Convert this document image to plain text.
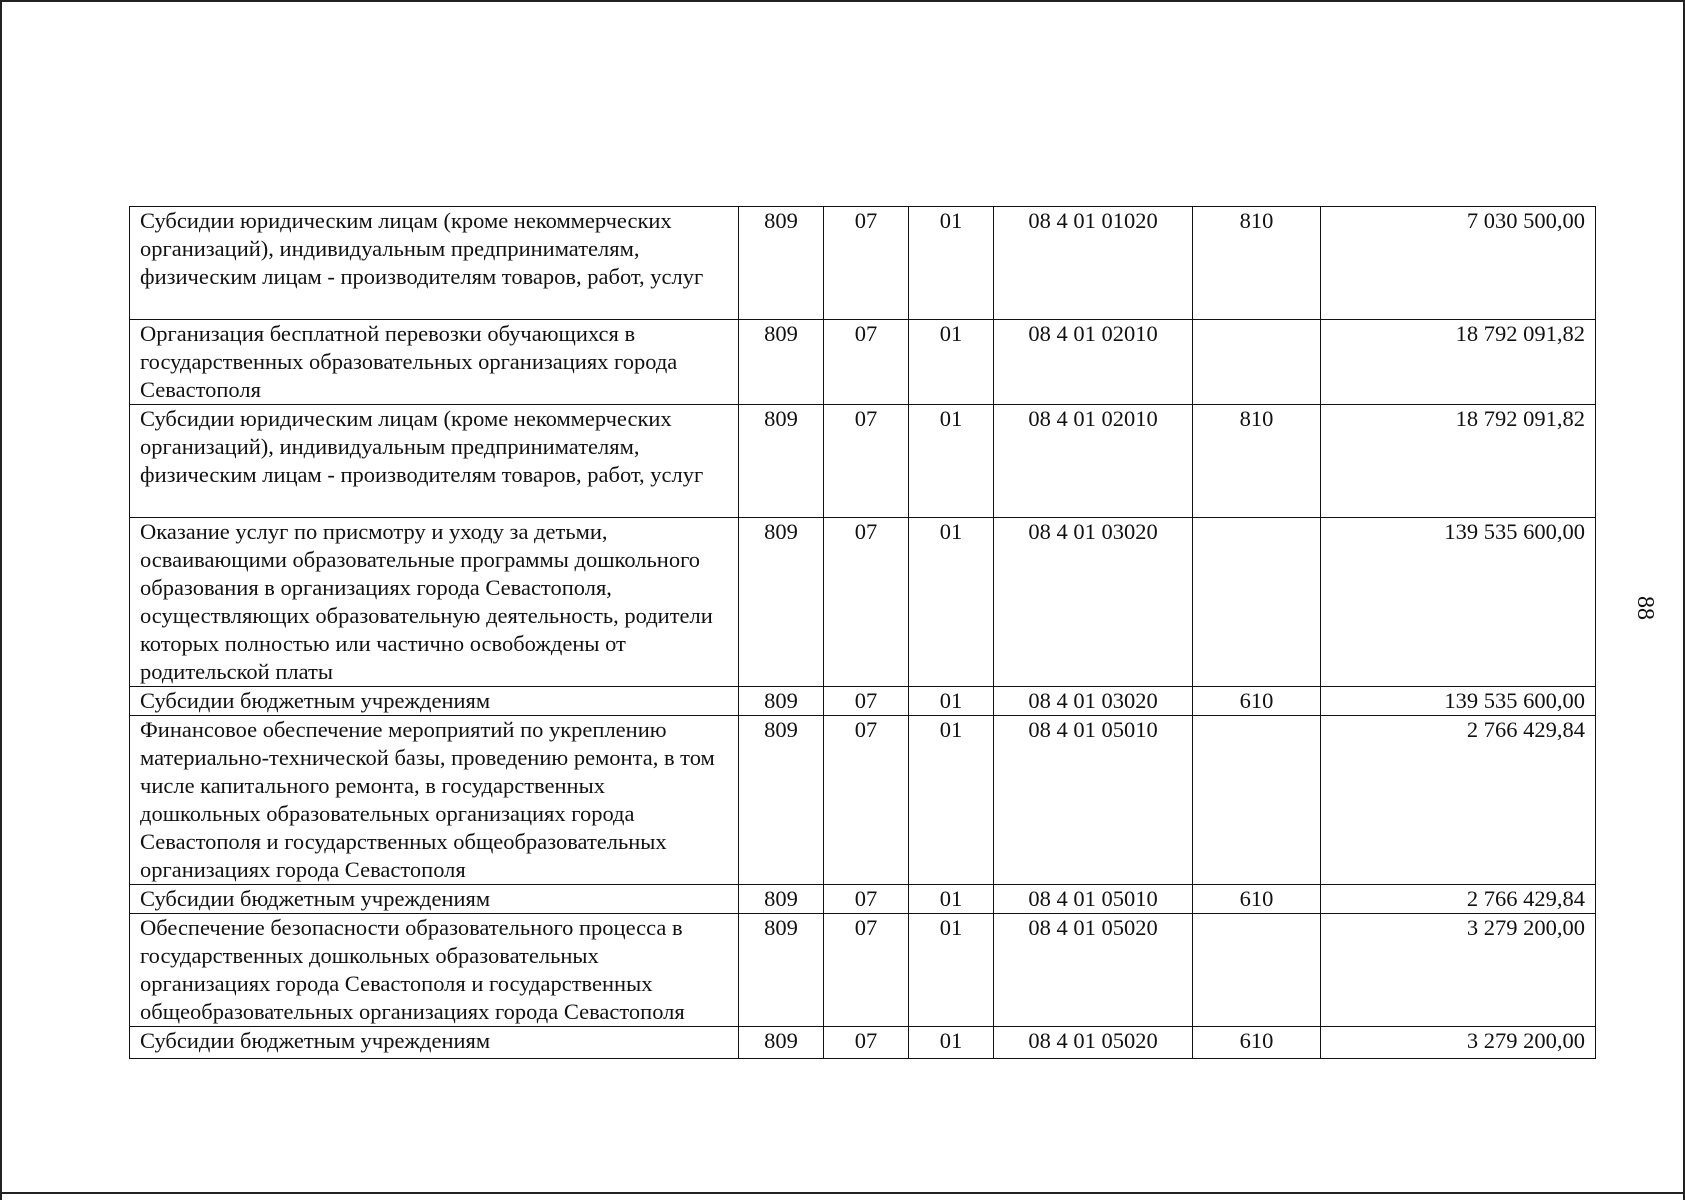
88
Субсидии юридическим лицам (кроме некоммерческих организаций), индивидуальным предпринимателям, физическим лицам - производителям товаров, работ, услуг	809	07	01	08 4 01 01020	810	7 030 500,00
Организация бесплатной перевозки обучающихся в государственных образовательных организациях города Севастополя	809	07	01	08 4 01 02010		18 792 091,82
Субсидии юридическим лицам (кроме некоммерческих организаций), индивидуальным предпринимателям, физическим лицам - производителям товаров, работ, услуг	809	07	01	08 4 01 02010	810	18 792 091,82
Оказание услуг по присмотру и уходу за детьми, осваивающими образовательные программы дошкольного образования в организациях города Севастополя, осуществляющих образовательную деятельность, родители которых полностью или частично освобождены от родительской платы	809	07	01	08 4 01 03020		139 535 600,00
Субсидии бюджетным учреждениям	809	07	01	08 4 01 03020	610	139 535 600,00
Финансовое обеспечение мероприятий по укреплению материально-технической базы, проведению ремонта, в том числе капитального ремонта, в государственных дошкольных образовательных организациях города Севастополя и государственных общеобразовательных организациях города Севастополя	809	07	01	08 4 01 05010		2 766 429,84
Субсидии бюджетным учреждениям	809	07	01	08 4 01 05010	610	2 766 429,84
Обеспечение безопасности образовательного процесса в государственных дошкольных образовательных организациях города Севастополя и государственных общеобразовательных организациях города Севастополя	809	07	01	08 4 01 05020		3 279 200,00
Субсидии бюджетным учреждениям	809	07	01	08 4 01 05020	610	3 279 200,00
